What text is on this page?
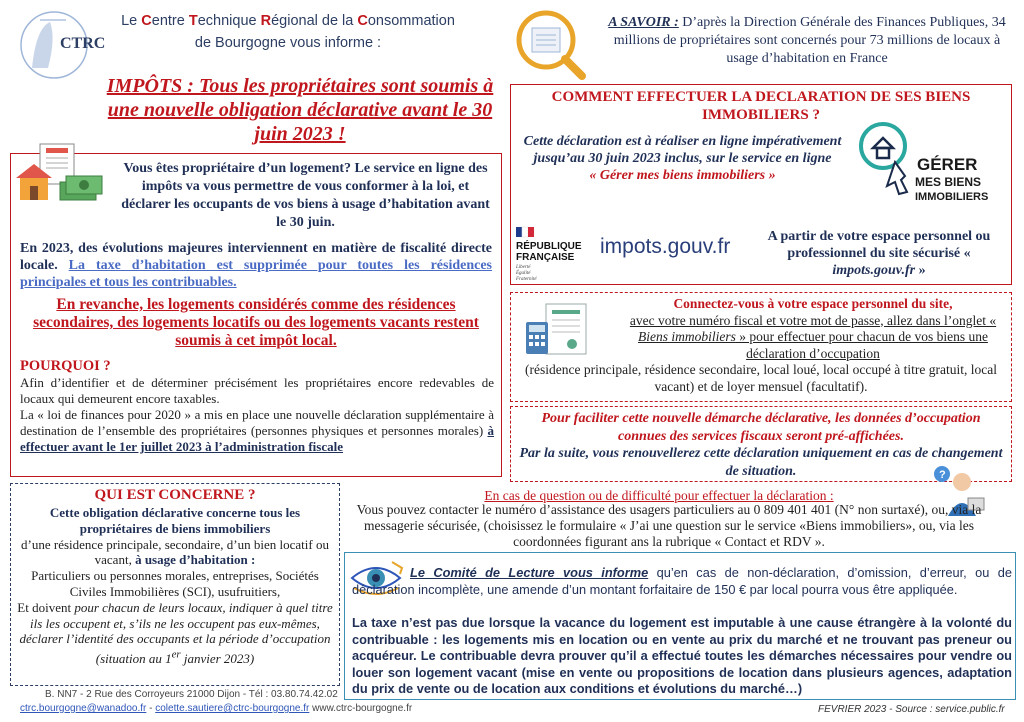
CTRC
Le Centre Technique Régional de la Consommation
de Bourgogne vous informe :
IMPÔTS : Tous les propriétaires sont soumis à une nouvelle obligation déclarative avant le 30 juin 2023 !
Vous êtes propriétaire d’un logement? Le service en ligne des impôts va vous permettre de vous conformer à la loi, et déclarer les occupants de vos biens à usage d’habitation avant le 30 juin.
En 2023, des évolutions majeures interviennent en matière de fiscalité directe locale. La taxe d’habitation est supprimée pour toutes les résidences principales et tous les contribuables.
En revanche, les logements considérés comme des résidences secondaires, des logements locatifs ou des logements vacants restent soumis à cet impôt local.
POURQUOI ?
Afin d’identifier et de déterminer précisément les propriétaires encore redevables de locaux qui demeurent encore taxables.
La « loi de finances pour 2020 » a mis en place une nouvelle déclaration supplémentaire à destination de l’ensemble des propriétaires (personnes physiques et personnes morales) à effectuer avant le 1er juillet 2023 à l’administration fiscale
QUI EST CONCERNE ?
Cette obligation déclarative concerne tous les propriétaires de biens immobiliers
d’une résidence principale, secondaire, d’un bien locatif ou vacant, à usage d’habitation :
Particuliers ou personnes morales, entreprises, Sociétés Civiles Immobilières (SCI), usufruitiers,
Et doivent pour chacun de leurs locaux, indiquer à quel titre ils les occupent et, s’ils ne les occupent pas eux-mêmes, déclarer l’identité des occupants et la période d’occupation (situation au 1er janvier 2023)
B. NN7 - 2 Rue des Corroyeurs 21000 Dijon - Tél : 03.80.74.42.02
ctrc.bourgogne@wanadoo.fr - colette.sautiere@ctrc-bourgogne.fr www.ctrc-bourgogne.fr	FEVRIER 2023 - Source : service.public.fr
A SAVOIR : D’après la Direction Générale des Finances Publiques, 34 millions de propriétaires sont concernés pour 73 millions de locaux à usage d’habitation en France
COMMENT EFFECTUER LA DECLARATION DE SES BIENS IMMOBILIERS ?
Cette déclaration est à réaliser en ligne impérativement jusqu’au 30 juin 2023 inclus, sur le service en ligne
« Gérer mes biens immobiliers »
GÉRER
MES BIENS
IMMOBILIERS
RÉPUBLIQUE
FRANÇAISE
Liberté
Égalité
Fraternité
impots.gouv.fr	A partir de votre espace personnel ou professionnel du site sécurisé « impots.gouv.fr »
Connectez-vous à votre espace personnel du site,
avec votre numéro fiscal et votre mot de passe, allez dans l’onglet « Biens immobiliers » pour effectuer pour chacun de vos biens une déclaration d’occupation
(résidence principale, résidence secondaire, local loué, local occupé à titre gratuit, local vacant) et de loyer mensuel (facultatif).
Pour faciliter cette nouvelle démarche déclarative, les données d’occupation connues des services fiscaux seront pré-affichées.
Par la suite, vous renouvellerez cette déclaration uniquement en cas de changement de situation.	?
En cas de question ou de difficulté pour effectuer la déclaration :
Vous pouvez contacter le numéro d’assistance des usagers particuliers au 0 809 401 401 (N° non surtaxé), ou, via la messagerie sécurisée, (choisissez le formulaire « J’ai une question sur le service «Biens immobiliers», ou, via les coordonnées figurant ans la rubrique « Contact et RDV ».
Le Comité de Lecture vous informe qu’en cas de non-déclaration, d’omission, d’erreur, ou de déclaration incomplète, une amende d’un montant forfaitaire de 150 € par local pourra vous être appliquée.
La taxe n’est pas due lorsque la vacance du logement est imputable à une cause étrangère à la volonté du contribuable : les logements mis en location ou en vente au prix du marché et ne trouvant pas preneur ou acquéreur. Le contribuable devra prouver qu’il a effectué toutes les démarches nécessaires pour vendre ou louer son logement vacant (mise en vente ou propositions de location dans plusieurs agences, adaptation du prix de vente ou de location aux conditions et évolutions du marché…)
